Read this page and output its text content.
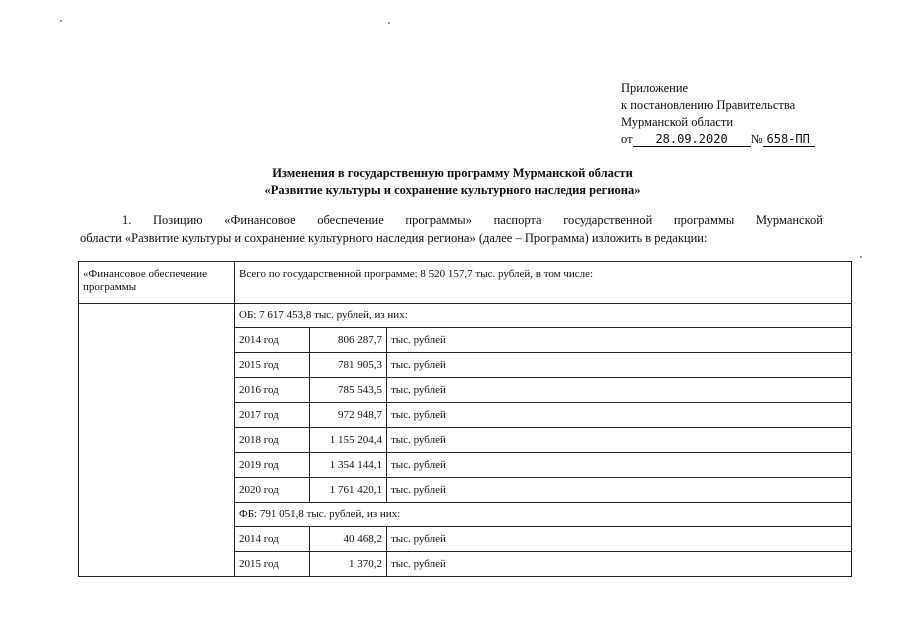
Приложение
к постановлению Правительства
Мурманской области
от 28.09.2020 № 658-ПП
Изменения в государственную программу Мурманской области
«Развитие культуры и сохранение культурного наследия региона»
1. Позицию «Финансовое обеспечение программы» паспорта государственной программы Мурманской
области «Развитие культуры и сохранение культурного наследия региона» (далее – Программа) изложить в редакции:
«Финансовое обеспечение программы	Всего по государственной программе: 8 520 157,7 тыс. рублей, в том числе:		
	ОБ: 7 617 453,8 тыс. рублей, из них:		
	2014 год	806 287,7	тыс. рублей
	2015 год	781 905,3	тыс. рублей
	2016 год	785 543,5	тыс. рублей
	2017 год	972 948,7	тыс. рублей
	2018 год	1 155 204,4	тыс. рублей
	2019 год	1 354 144,1	тыс. рублей
	2020 год	1 761 420,1	тыс. рублей
	ФБ: 791 051,8 тыс. рублей, из них:		
	2014 год	40 468,2	тыс. рублей
	2015 год	1 370,2	тыс. рублей
